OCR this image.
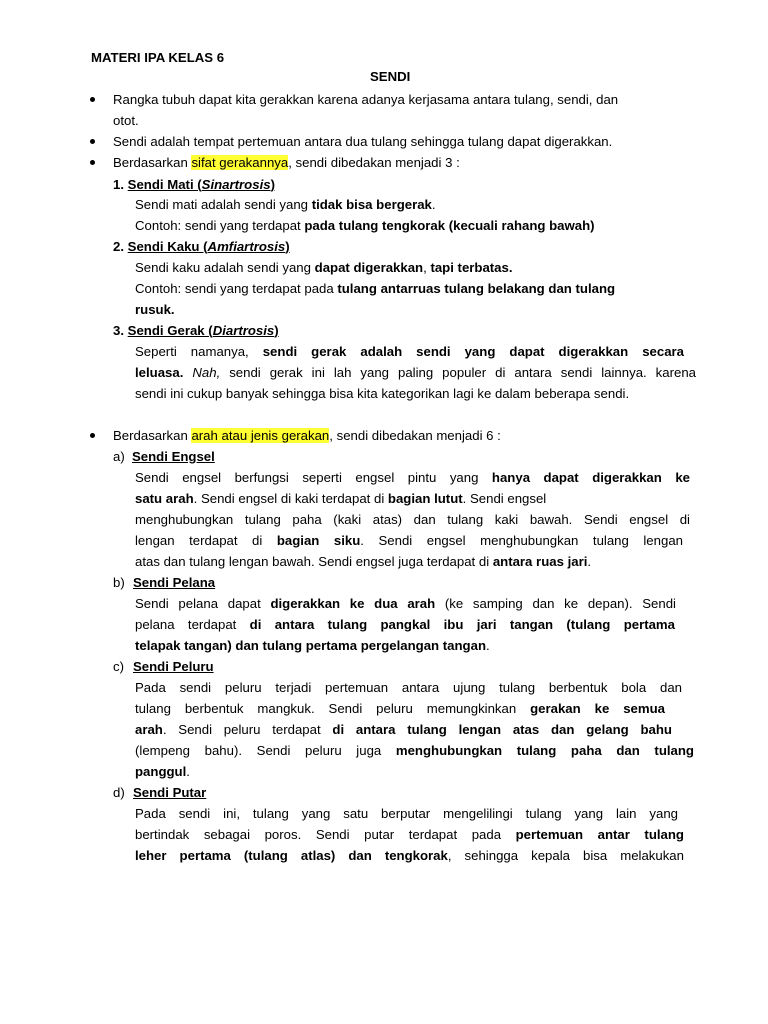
MATERI IPA KELAS 6
SENDI
Rangka tubuh dapat kita gerakkan karena adanya kerjasama antara tulang, sendi, dan
otot.
Sendi adalah tempat pertemuan antara dua tulang sehingga tulang dapat digerakkan.
Berdasarkan sifat gerakannya, sendi dibedakan menjadi 3 :
1. Sendi Mati (Sinartrosis)
Sendi mati adalah sendi yang tidak bisa bergerak.
Contoh: sendi yang terdapat pada tulang tengkorak (kecuali rahang bawah)
2. Sendi Kaku (Amfiartrosis)
Sendi kaku adalah sendi yang dapat digerakkan, tapi terbatas.
Contoh: sendi yang terdapat pada tulang antarruas tulang belakang dan tulang
rusuk.
3. Sendi Gerak (Diartrosis)
Seperti namanya, sendi gerak adalah sendi yang dapat digerakkan secara
leluasa. Nah, sendi gerak ini lah yang paling populer di antara sendi lainnya. karena
sendi ini cukup banyak sehingga bisa kita kategorikan lagi ke dalam beberapa sendi.
Berdasarkan arah atau jenis gerakan, sendi dibedakan menjadi 6 :
a) Sendi Engsel
Sendi engsel berfungsi seperti engsel pintu yang hanya dapat digerakkan ke
satu arah. Sendi engsel di kaki terdapat di bagian lutut. Sendi engsel
menghubungkan tulang paha (kaki atas) dan tulang kaki bawah. Sendi engsel di
lengan terdapat di bagian siku. Sendi engsel menghubungkan tulang lengan
atas dan tulang lengan bawah. Sendi engsel juga terdapat di antara ruas jari.
b) Sendi Pelana
Sendi pelana dapat digerakkan ke dua arah (ke samping dan ke depan). Sendi
pelana terdapat di antara tulang pangkal ibu jari tangan (tulang pertama
telapak tangan) dan tulang pertama pergelangan tangan.
c) Sendi Peluru
Pada sendi peluru terjadi pertemuan antara ujung tulang berbentuk bola dan
tulang berbentuk mangkuk. Sendi peluru memungkinkan gerakan ke semua
arah. Sendi peluru terdapat di antara tulang lengan atas dan gelang bahu
(lempeng bahu). Sendi peluru juga menghubungkan tulang paha dan tulang
panggul.
d) Sendi Putar
Pada sendi ini, tulang yang satu berputar mengelilingi tulang yang lain yang
bertindak sebagai poros. Sendi putar terdapat pada pertemuan antar tulang
leher pertama (tulang atlas) dan tengkorak, sehingga kepala bisa melakukan
